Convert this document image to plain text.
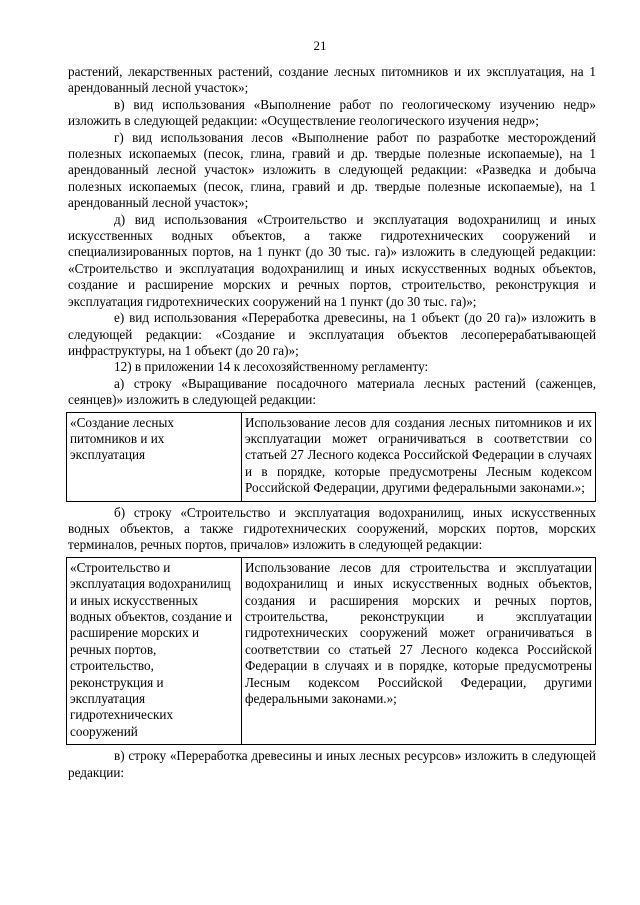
21

растений, лекарственных растений, создание лесных питомников и их эксплуатация, на 1 арендованный лесной участок»;

в) вид использования «Выполнение работ по геологическому изучению недр» изложить в следующей редакции: «Осуществление геологического изучения недр»;

г) вид использования лесов «Выполнение работ по разработке месторождений полезных ископаемых (песок, глина, гравий и др. твердые полезные ископаемые), на 1 арендованный лесной участок» изложить в следующей редакции: «Разведка и добыча полезных ископаемых (песок, глина, гравий и др. твердые полезные ископаемые), на 1 арендованный лесной участок»;

д) вид использования «Строительство и эксплуатация водохранилищ и иных искусственных водных объектов, а также гидротехнических сооружений и специализированных портов, на 1 пункт (до 30 тыс. га)» изложить в следующей редакции: «Строительство и эксплуатация водохранилищ и иных искусственных водных объектов, создание и расширение морских и речных портов, строительство, реконструкция и эксплуатация гидротехнических сооружений на 1 пункт (до 30 тыс. га)»;

е) вид использования «Переработка древесины, на 1 объект (до 20 га)» изложить в следующей редакции: «Создание и эксплуатация объектов лесоперерабатывающей инфраструктуры, на 1 объект (до 20 га)»;

12) в приложении 14 к лесохозяйственному регламенту:

а) строку «Выращивание посадочного материала лесных растений (саженцев, сеянцев)» изложить в следующей редакции:

«Создание лесных питомников и их эксплуатация	Использование лесов для создания лесных питомников и их эксплуатации может ограничиваться в соответствии со статьей 27 Лесного кодекса Российской Федерации в случаях и в порядке, которые предусмотрены Лесным кодексом Российской Федерации, другими федеральными законами.»;

б) строку «Строительство и эксплуатация водохранилищ, иных искусственных водных объектов, а также гидротехнических сооружений, морских портов, морских терминалов, речных портов, причалов» изложить в следующей редакции:

«Строительство и эксплуатация водохранилищ и иных искусственных водных объектов, создание и расширение морских и речных портов, строительство, реконструкция и эксплуатация гидротехнических сооружений	Использование лесов для строительства и эксплуатации водохранилищ и иных искусственных водных объектов, создания и расширения морских и речных портов, строительства, реконструкции и эксплуатации гидротехнических сооружений может ограничиваться в соответствии со статьей 27 Лесного кодекса Российской Федерации в случаях и в порядке, которые предусмотрены Лесным кодексом Российской Федерации, другими федеральными законами.»;

в) строку «Переработка древесины и иных лесных ресурсов» изложить в следующей редакции:
